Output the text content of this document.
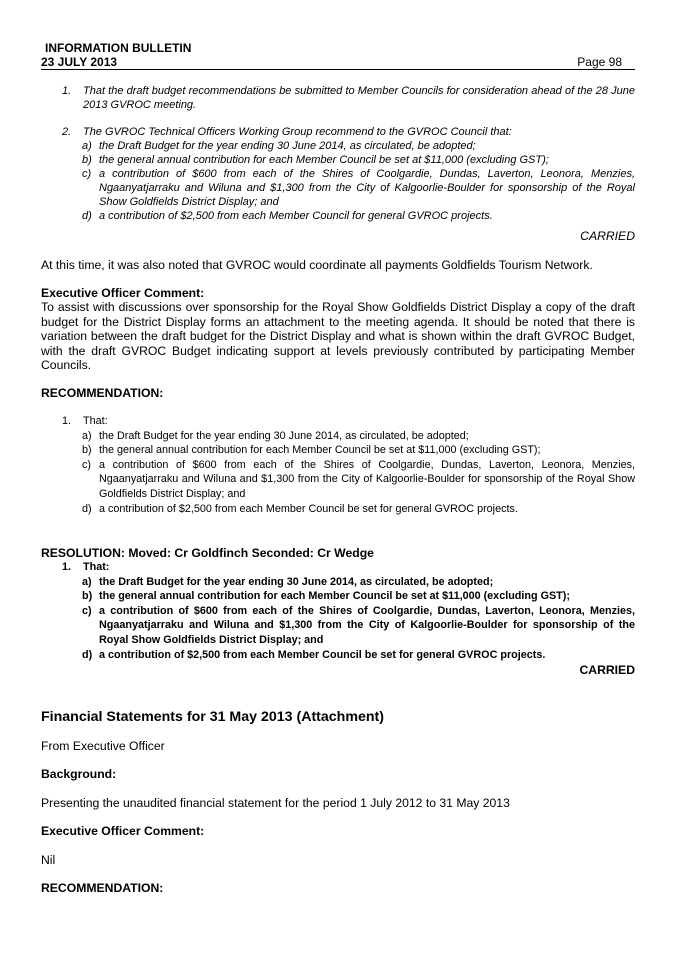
INFORMATION BULLETIN
23 JULY 2013	Page 98
1. That the draft budget recommendations be submitted to Member Councils for consideration ahead of the 28 June 2013 GVROC meeting.
2. The GVROC Technical Officers Working Group recommend to the GVROC Council that:
a) the Draft Budget for the year ending 30 June 2014, as circulated, be adopted;
b) the general annual contribution for each Member Council be set at $11,000 (excluding GST);
c) a contribution of $600 from each of the Shires of Coolgardie, Dundas, Laverton, Leonora, Menzies, Ngaanyatjarraku and Wiluna and $1,300 from the City of Kalgoorlie-Boulder for sponsorship of the Royal Show Goldfields District Display; and
d) a contribution of $2,500 from each Member Council for general GVROC projects.
CARRIED
At this time, it was also noted that GVROC would coordinate all payments Goldfields Tourism Network.
Executive Officer Comment:
To assist with discussions over sponsorship for the Royal Show Goldfields District Display a copy of the draft budget for the District Display forms an attachment to the meeting agenda. It should be noted that there is variation between the draft budget for the District Display and what is shown within the draft GVROC Budget, with the draft GVROC Budget indicating support at levels previously contributed by participating Member Councils.
RECOMMENDATION:
1. That:
a) the Draft Budget for the year ending 30 June 2014, as circulated, be adopted;
b) the general annual contribution for each Member Council be set at $11,000 (excluding GST);
c) a contribution of $600 from each of the Shires of Coolgardie, Dundas, Laverton, Leonora, Menzies, Ngaanyatjarraku and Wiluna and $1,300 from the City of Kalgoorlie-Boulder for sponsorship of the Royal Show Goldfields District Display; and
d) a contribution of $2,500 from each Member Council be set for general GVROC projects.
RESOLUTION: Moved: Cr Goldfinch Seconded: Cr Wedge
1. That:
a) the Draft Budget for the year ending 30 June 2014, as circulated, be adopted;
b) the general annual contribution for each Member Council be set at $11,000 (excluding GST);
c) a contribution of $600 from each of the Shires of Coolgardie, Dundas, Laverton, Leonora, Menzies, Ngaanyatjarraku and Wiluna and $1,300 from the City of Kalgoorlie-Boulder for sponsorship of the Royal Show Goldfields District Display; and
d) a contribution of $2,500 from each Member Council be set for general GVROC projects.
CARRIED
Financial Statements for 31 May 2013 (Attachment)
From Executive Officer
Background:
Presenting the unaudited financial statement for the period 1 July 2012 to 31 May 2013
Executive Officer Comment:
Nil
RECOMMENDATION:
